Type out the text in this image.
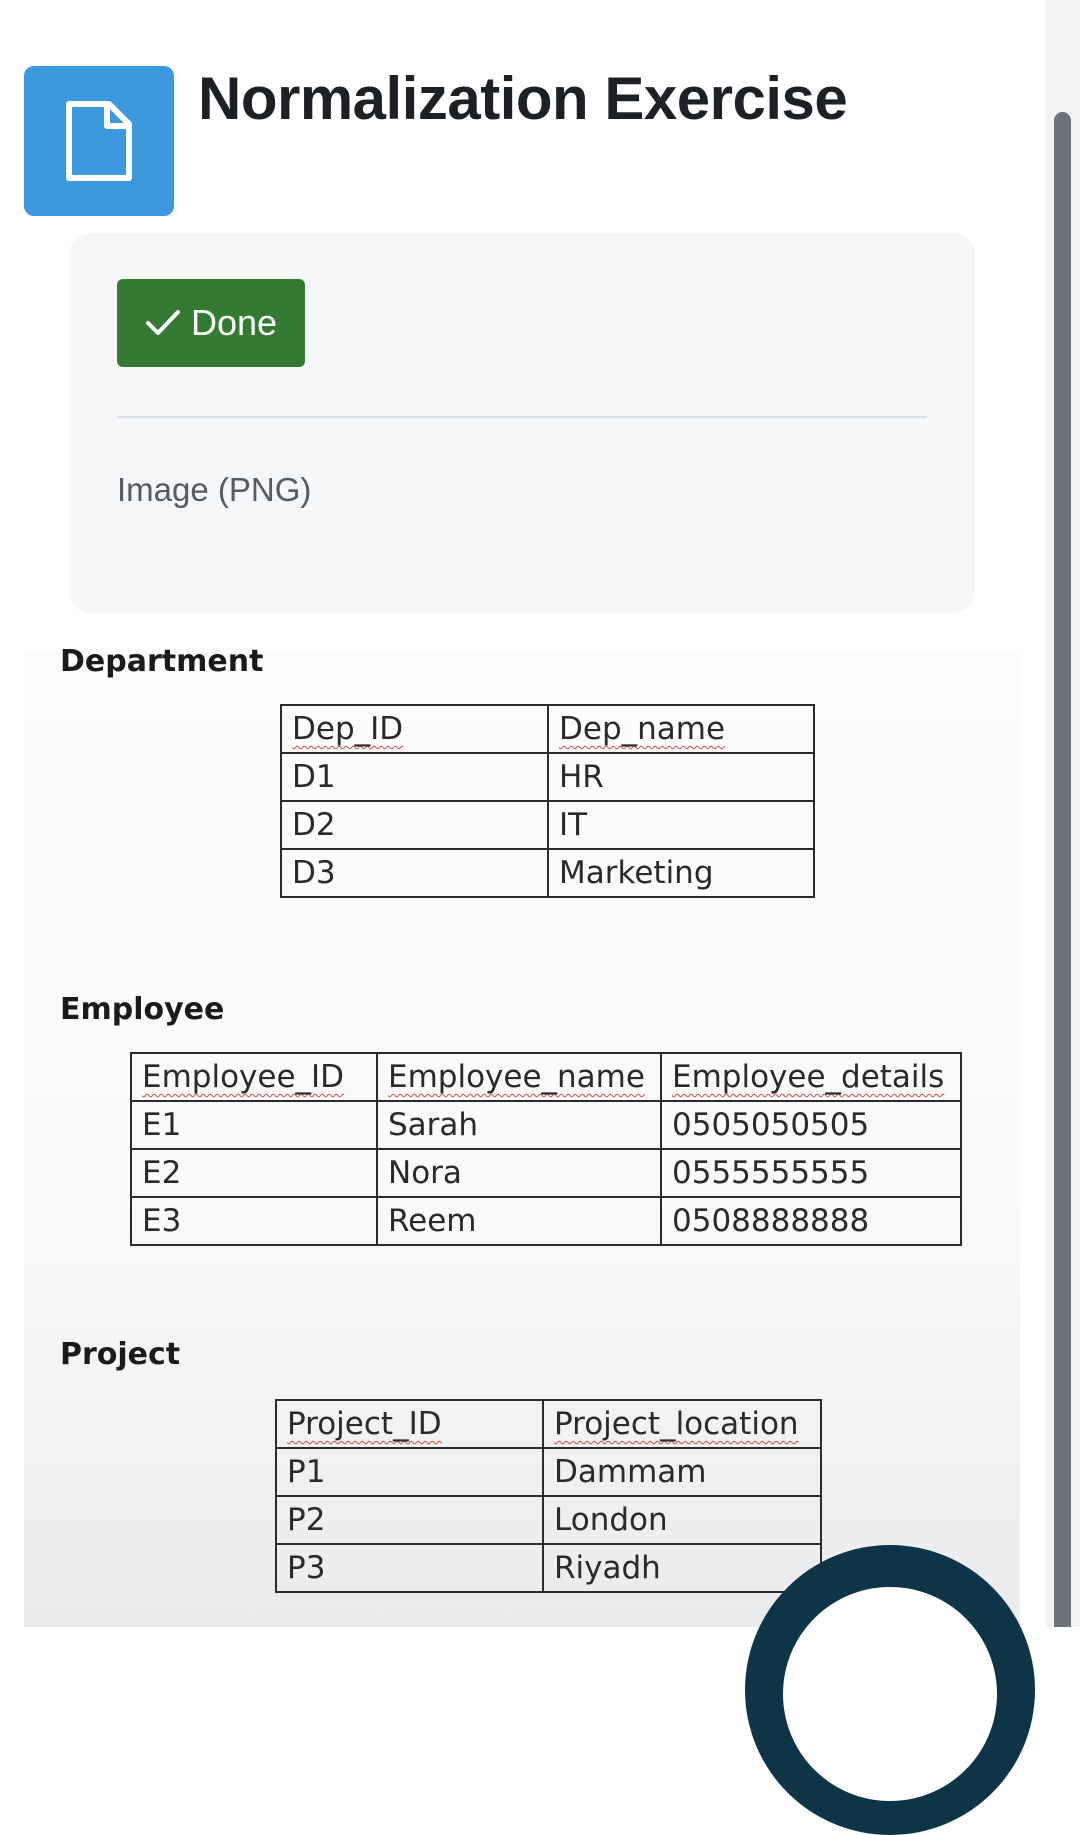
Normalization Exercise
Done
Image (PNG)
Department
Dep_ID	Dep_name
D1	HR
D2	IT
D3	Marketing
Employee
Employee_ID	Employee_name	Employee_details
E1	Sarah	0505050505
E2	Nora	0555555555
E3	Reem	0508888888
Project
Project_ID	Project_location
P1	Dammam
P2	London
P3	Riyadh
